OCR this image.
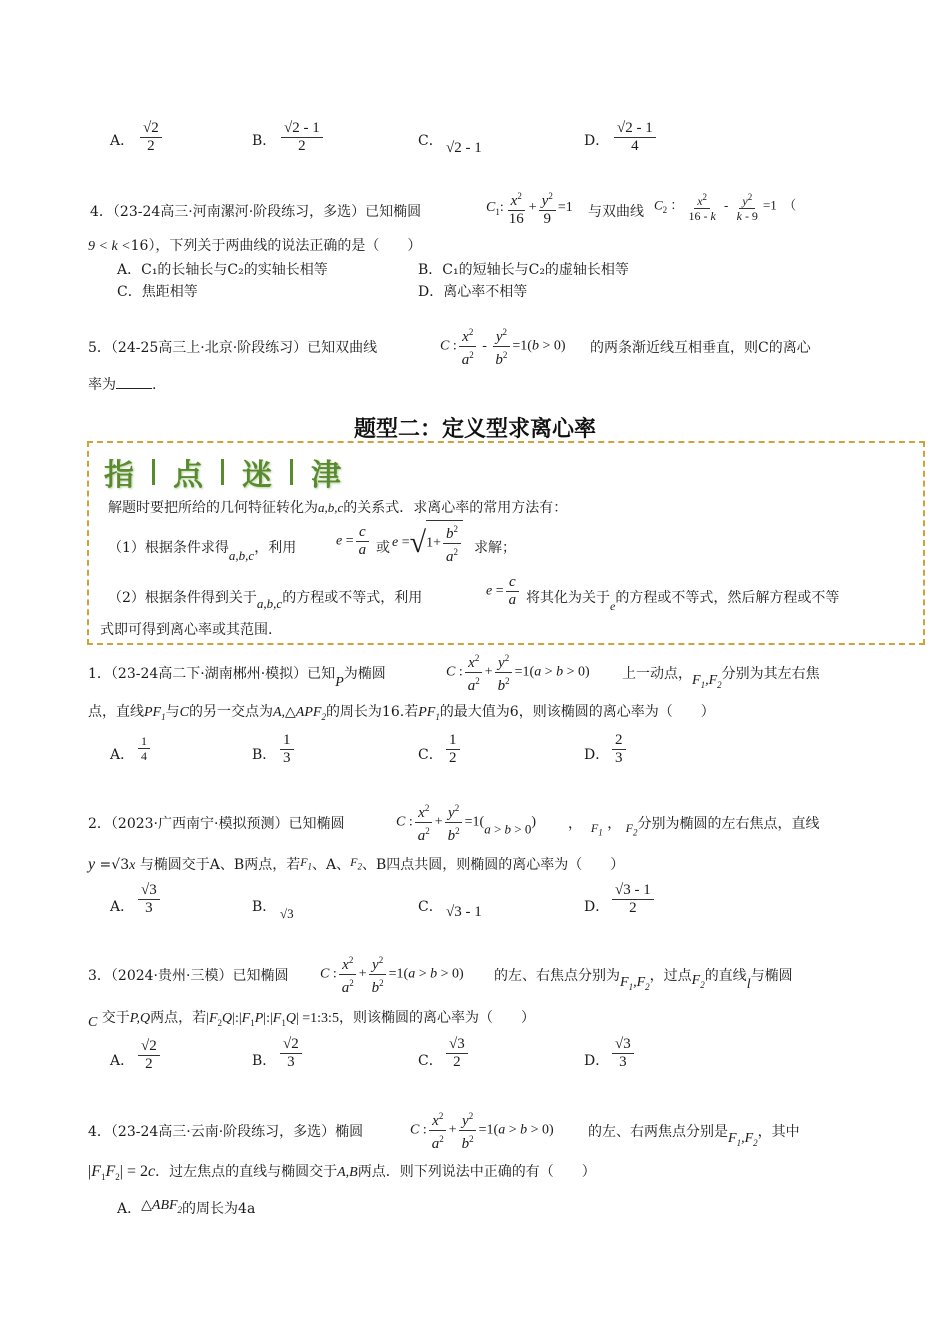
A． $\frac{√2}{2}$	B． $\frac{√2 - 1}{2}$	C． √2 - 1	D． $\frac{√2 - 1}{4}$
4．（23-24高三·河南漯河·阶段练习，多选）已知椭圆	$C_1$: $\frac{x^2}{16} + \frac{y^2}{9} =1$ 与双曲线 $C_2$ ： $\frac{x^2}{16 - k} - \frac{y^2}{k - 9} =1$  （
9 < k <16），下列关于两曲线的说法正确的是（　　）
A．C₁的长轴长与C₂的实轴长相等	B．C₁的短轴长与C₂的虚轴长相等
C．焦距相等	D．离心率不相等
5．（24-25高三上·北京·阶段练习）已知双曲线	C : $\frac{x^2}{a^2} - \frac{y^2}{b^2} =1(b > 0)$ 的两条渐近线互相垂直，则C的离心
率为	.
题型二：定义型求离心率
指 点 迷 津
解题时要把所给的几何特征转化为a,b,c的关系式．求离心率的常用方法有：
（1）根据条件求得a,b,c，利用	$e = \frac{c}{a}$ 或 $e =√1+ \frac{b^2}{a^2}$ 求解；
（2）根据条件得到关于a,b,c的方程或不等式，利用	$e = \frac{c}{a}$ 将其化为关于e的方程或不等式，然后解方程或不等
式即可得到离心率或其范围.
1．（23-24高二下·湖南郴州·模拟）已知P为椭圆	C : $\frac{x^2}{a^2} + \frac{y^2}{b^2} =1(a > b > 0)$ 上一动点，$F_1,F_2$分别为其左右焦
点，直线$PF_1$与C的另一交点为$A,\triangle APF_2$的周长为16.若$PF_1$的最大值为6，则该椭圆的离心率为（　　）
A． $\frac{1}{4}$	B． $\frac{1}{3}$	C． $\frac{1}{2}$	D． $\frac{2}{3}$
2．（2023·广西南宁·模拟预测）已知椭圆	C : $\frac{x^2}{a^2} + \frac{y^2}{b^2} =1(a > b > 0)$ ， $F_1$ ， $F_2$分别为椭圆的左右焦点，直线
y =√3x 与椭圆交于A、B两点，若$F_1$、A、$F_2$、B四点共圆，则椭圆的离心率为（　　）
A． $\frac{√3}{3}$	B． √3	C． √3 - 1	D． $\frac{√3 - 1}{2}$
3．（2024·贵州·三模）已知椭圆 C : $\frac{x^2}{a^2} + \frac{y^2}{b^2} =1(a > b > 0)$ 的左、右焦点分别为$F_1,F_2$，过点$F_2$的直线l与椭圆
C 交于P,Q两点，若$|F_2Q|:|F_1P|:|F_1Q|$ =1:3:5，则该椭圆的离心率为（　　）
A． $\frac{√2}{2}$	B． $\frac{√2}{3}$	C． $\frac{√3}{2}$	D． $\frac{√3}{3}$
4．（23-24高三·云南·阶段练习，多选）椭圆	C : $\frac{x^2}{a^2} + \frac{y^2}{b^2} =1(a > b > 0)$ 的左、右两焦点分别是$F_1,F_2$，其中
$|F_1F_2| = 2c$．过左焦点的直线与椭圆交于A,B两点．则下列说法中正确的有（　　）
A．$\triangle ABF_2$的周长为4a
